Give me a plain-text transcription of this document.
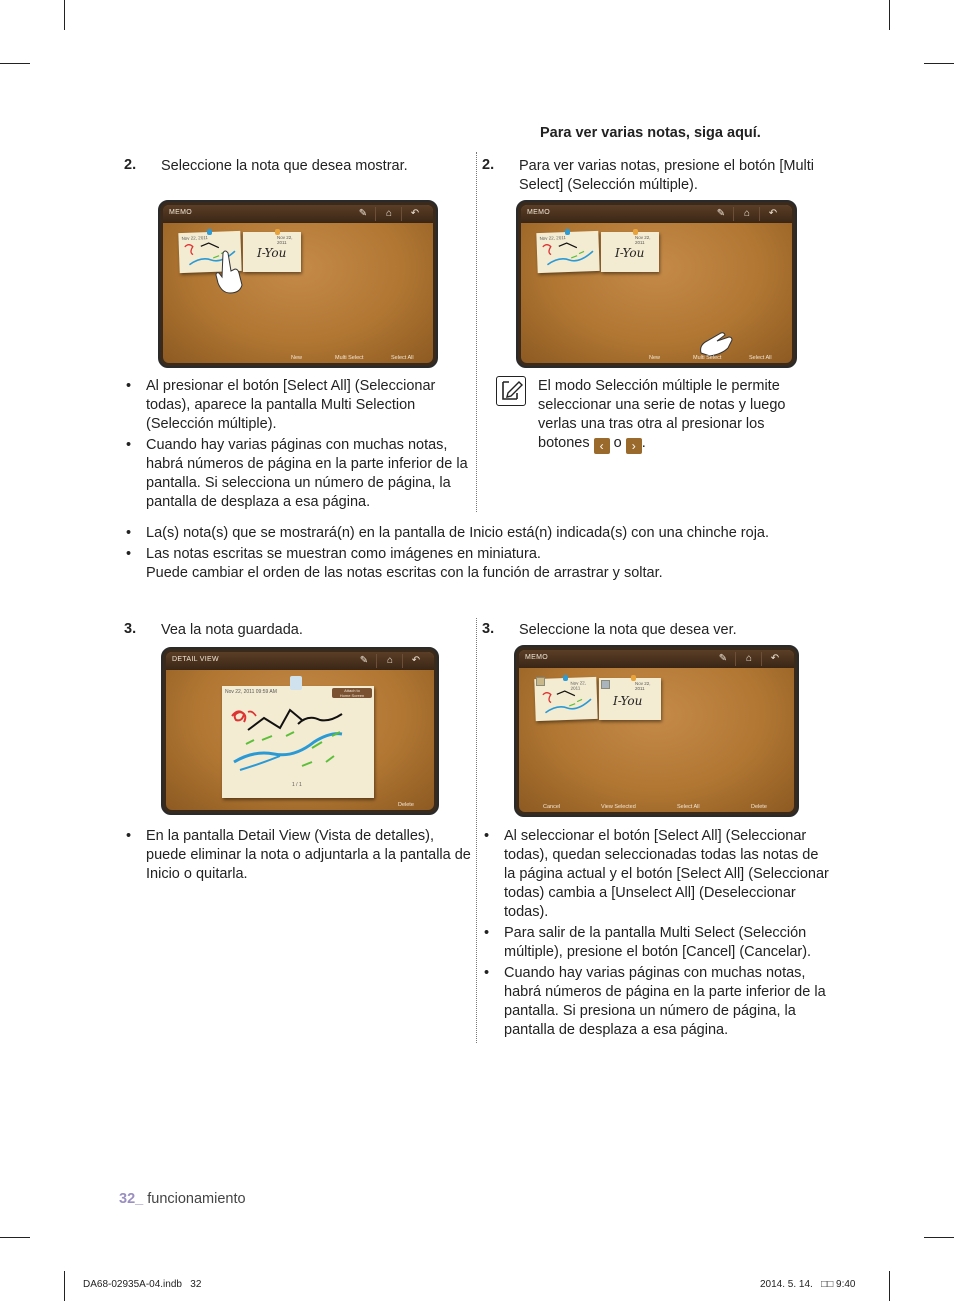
Para ver varias notas, siga aquí.
2. Seleccione la nota que desea mostrar.
MEMO	✎ ⌂ ↶
Nov 22, 2011	Nov 22, 2011
I-You
New	Multi Select	Select All
• Al presionar el botón [Select All] (Seleccionar todas), aparece la pantalla Multi Selection (Selección múltiple).
• Cuando hay varias páginas con muchas notas, habrá números de página en la parte inferior de la pantalla. Si selecciona un número de página, la pantalla de desplaza a esa página.
2. Para ver varias notas, presione el botón [Multi Select] (Selección múltiple).
MEMO	✎ ⌂ ↶
Nov 22, 2011	Nov 22, 2011
I-You
New	Multi Select	Select All
El modo Selección múltiple le permite seleccionar una serie de notas y luego verlas una tras otra al presionar los botones ‹ o › .
• La(s) nota(s) que se mostrará(n) en la pantalla de Inicio está(n) indicada(s) con una chinche roja.
• Las notas escritas se muestran como imágenes en miniatura.
Puede cambiar el orden de las notas escritas con la función de arrastrar y soltar.
3. Vea la nota guardada.
DETAIL VIEW	✎ ⌂ ↶
Nov 22, 2011 09:59 AM	Attach to
Home Screen
1 / 1
Delete
• En la pantalla Detail View (Vista de detalles), puede eliminar la nota o adjuntarla a la pantalla de Inicio o quitarla.
3. Seleccione la nota que desea ver.
MEMO	✎ ⌂ ↶
Nov 22, 2011
Nov 22, 2011
I-You
Cancel	View Selected	Select All	Delete
• Al seleccionar el botón [Select All] (Seleccionar todas), quedan seleccionadas todas las notas de la página actual y el botón [Select All] (Seleccionar todas) cambia a [Unselect All] (Deseleccionar todas).
• Para salir de la pantalla Multi Select (Selección múltiple), presione el botón [Cancel] (Cancelar).
• Cuando hay varias páginas con muchas notas, habrá números de página en la parte inferior de la pantalla. Si presiona un número de página, la pantalla de desplaza a esa página.
32_ funcionamiento
DA68-02935A-04.indb   32	2014. 5. 14.   □□ 9:40
